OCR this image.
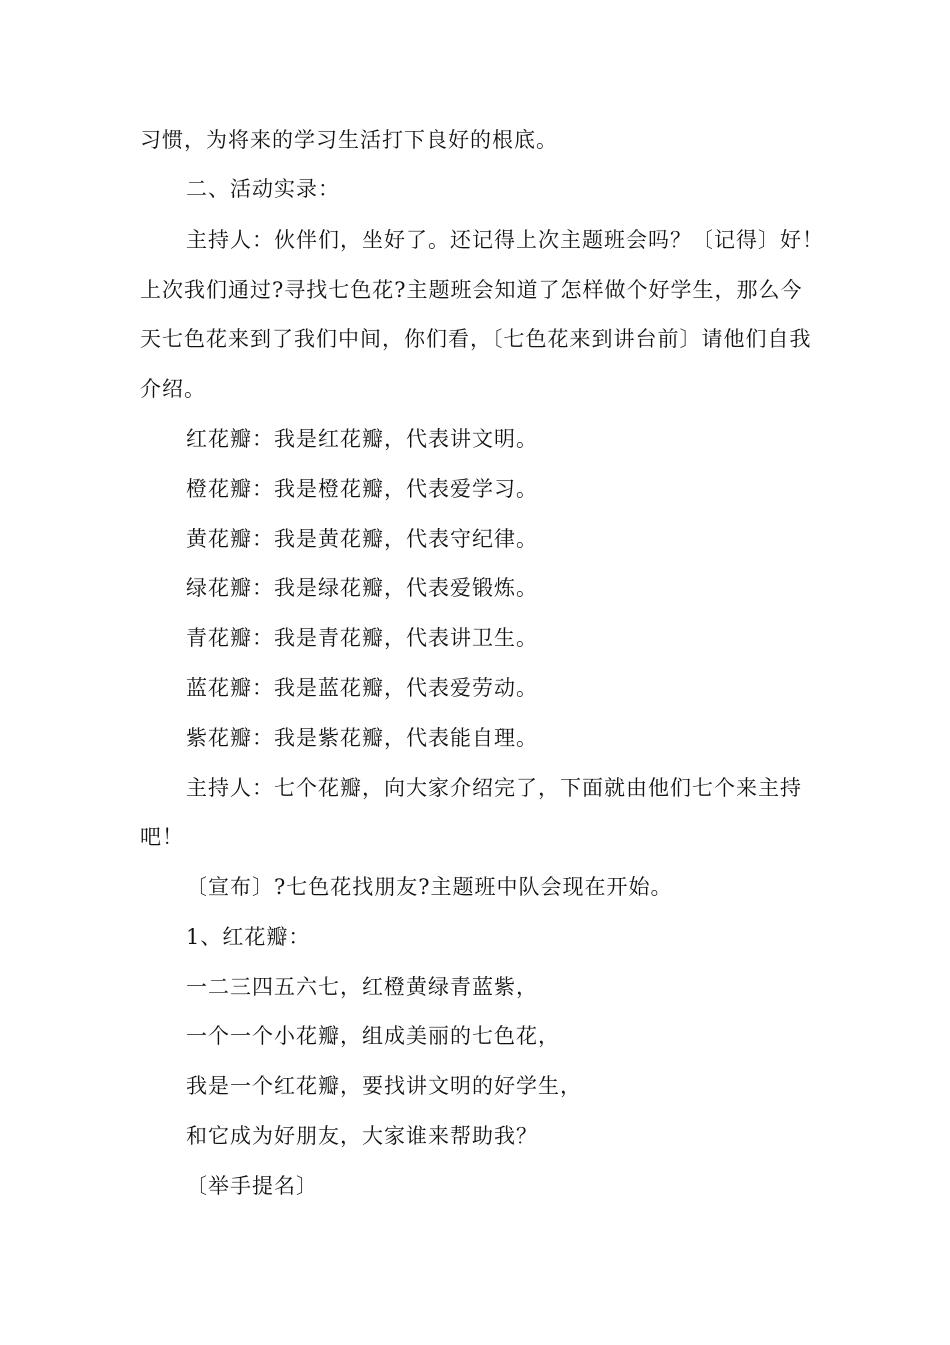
习惯，为将来的学习生活打下良好的根底。
二、活动实录：
主持人：伙伴们，坐好了。还记得上次主题班会吗？〔记得〕好！
上次我们通过?寻找七色花?主题班会知道了怎样做个好学生，那么今
天七色花来到了我们中间，你们看，〔七色花来到讲台前〕请他们自我
介绍。
红花瓣：我是红花瓣，代表讲文明。
橙花瓣：我是橙花瓣，代表爱学习。
黄花瓣：我是黄花瓣，代表守纪律。
绿花瓣：我是绿花瓣，代表爱锻炼。
青花瓣：我是青花瓣，代表讲卫生。
蓝花瓣：我是蓝花瓣，代表爱劳动。
紫花瓣：我是紫花瓣，代表能自理。
主持人：七个花瓣，向大家介绍完了，下面就由他们七个来主持
吧！
〔宣布〕?七色花找朋友?主题班中队会现在开始。
1、红花瓣：
一二三四五六七，红橙黄绿青蓝紫，
一个一个小花瓣，组成美丽的七色花，
我是一个红花瓣，要找讲文明的好学生，
和它成为好朋友，大家谁来帮助我？
〔举手提名〕
